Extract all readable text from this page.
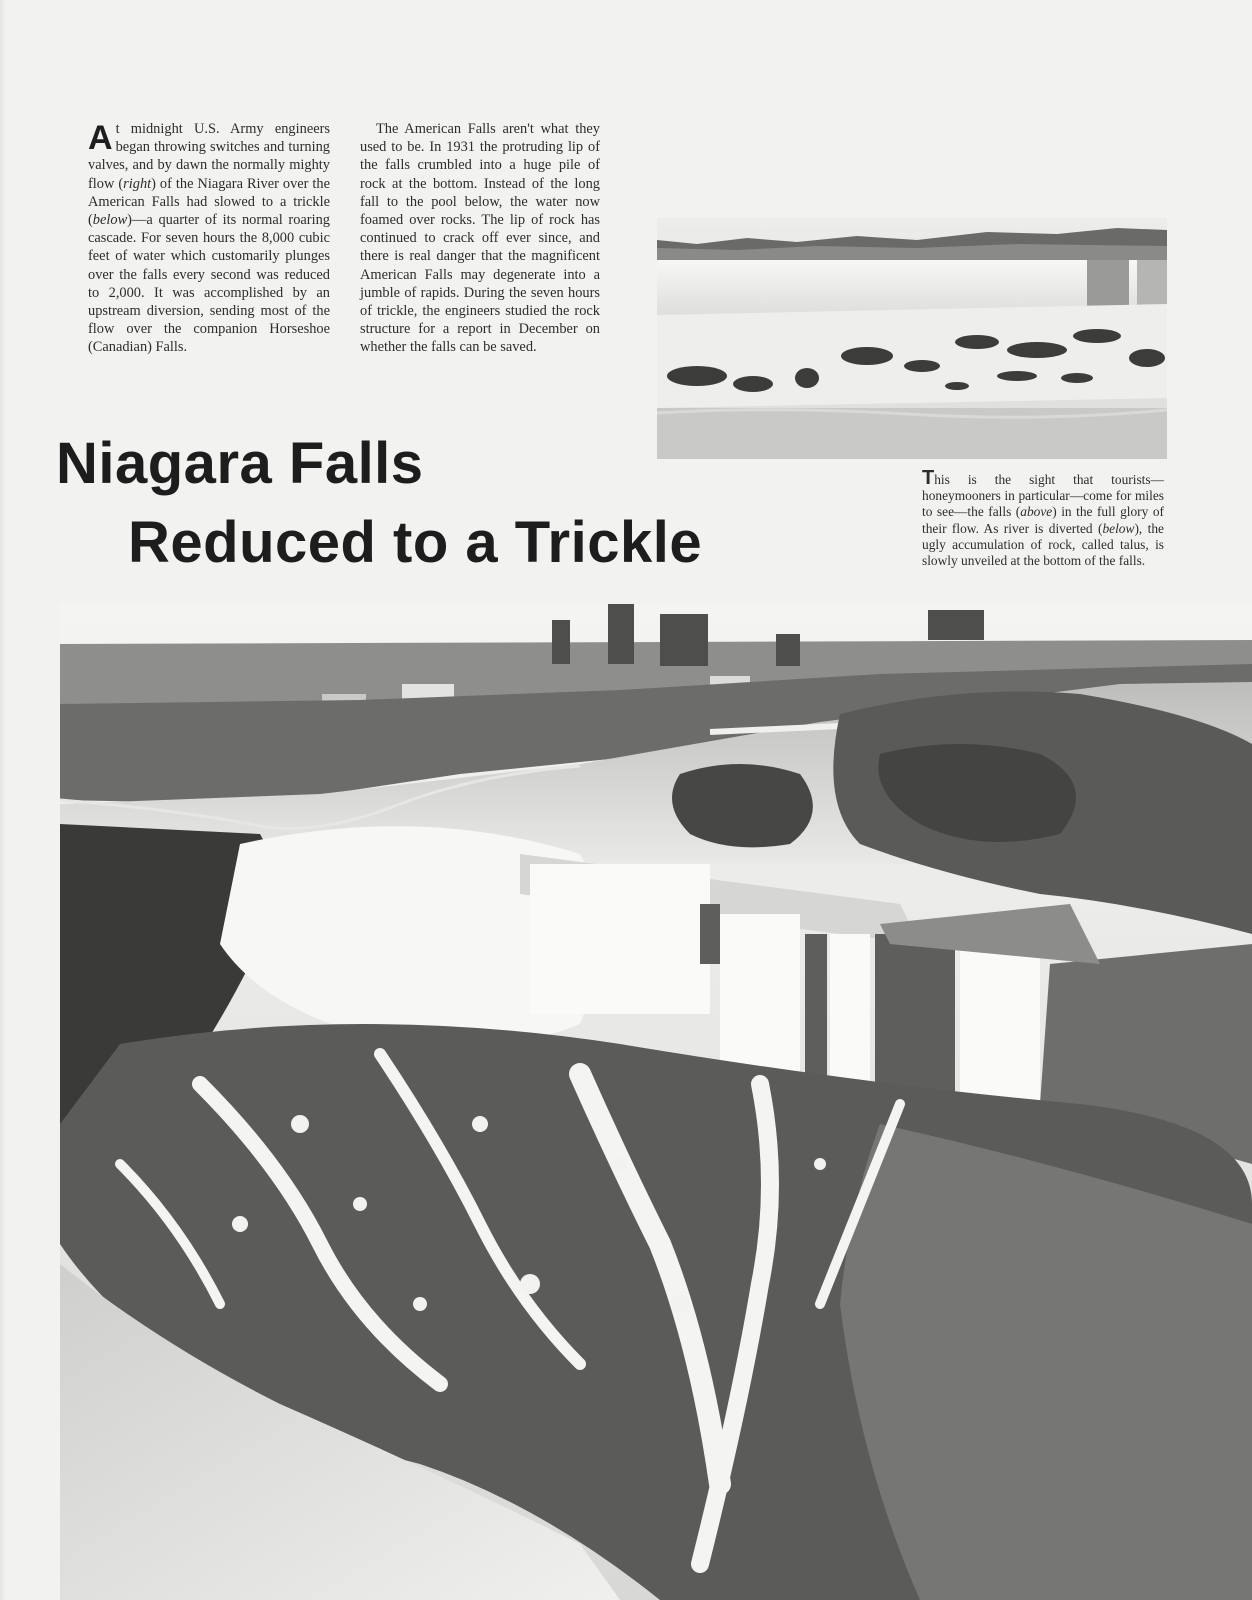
At midnight U.S. Army engineers began throwing switches and turning valves, and by dawn the normally mighty flow (right) of the Niagara River over the American Falls had slowed to a trickle (below)—a quarter of its normal roaring cascade. For seven hours the 8,000 cubic feet of water which customarily plunges over the falls every second was reduced to 2,000. It was accomplished by an upstream diversion, sending most of the flow over the companion Horseshoe (Canadian) Falls.
The American Falls aren't what they used to be. In 1931 the protruding lip of the falls crumbled into a huge pile of rock at the bottom. Instead of the long fall to the pool below, the water now foamed over rocks. The lip of rock has continued to crack off ever since, and there is real danger that the magnificent American Falls may degenerate into a jumble of rapids. During the seven hours of trickle, the engineers studied the rock structure for a report in December on whether the falls can be saved.
Niagara Falls
Reduced to a Trickle
This is the sight that tourists—honeymooners in particular—come for miles to see—the falls (above) in the full glory of their flow. As river is diverted (below), the ugly accumulation of rock, called talus, is slowly unveiled at the bottom of the falls.
